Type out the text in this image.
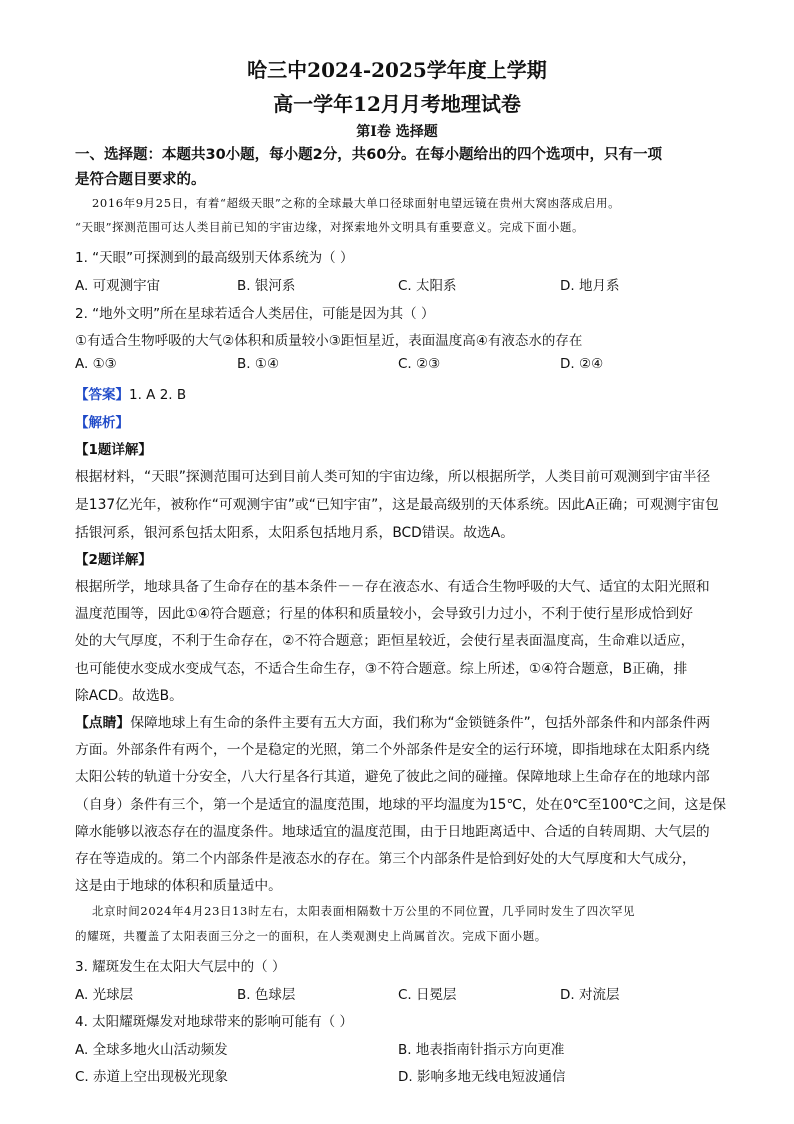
哈三中2024-2025学年度上学期
高一学年12月月考地理试卷
第Ⅰ卷 选择题
一、选择题：本题共30小题，每小题2分，共60分。在每小题给出的四个选项中，只有一项
是符合题目要求的。
2016年9月25日，有着“超级天眼”之称的全球最大单口径球面射电望远镜在贵州大窝凼落成启用。
“天眼”探测范围可达人类目前已知的宇宙边缘，对探索地外文明具有重要意义。完成下面小题。
1. “天眼”可探测到的最高级别天体系统为（ ）
A. 可观测宇宙	B. 银河系	C. 太阳系	D. 地月系
2. “地外文明”所在星球若适合人类居住，可能是因为其（ ）
①有适合生物呼吸的大气②体积和质量较小③距恒星近，表面温度高④有液态水的存在
A. ①③	B. ①④	C. ②③	D. ②④
【答案】1. A 2. B
【解析】
【1题详解】
根据材料，“天眼”探测范围可达到目前人类可知的宇宙边缘，所以根据所学，人类目前可观测到宇宙半径
是137亿光年，被称作“可观测宇宙”或“已知宇宙”，这是最高级别的天体系统。因此A正确；可观测宇宙包
括银河系，银河系包括太阳系，太阳系包括地月系，BCD错误。故选A。
【2题详解】
根据所学，地球具备了生命存在的基本条件－－存在液态水、有适合生物呼吸的大气、适宜的太阳光照和
温度范围等，因此①④符合题意；行星的体积和质量较小，会导致引力过小，不利于使行星形成恰到好
处的大气厚度，不利于生命存在，②不符合题意；距恒星较近，会使行星表面温度高，生命难以适应，
也可能使水变成水变成气态，不适合生命生存，③不符合题意。综上所述，①④符合题意，B正确，排
除ACD。故选B。
【点睛】保障地球上有生命的条件主要有五大方面，我们称为“金锁链条件”，包括外部条件和内部条件两
方面。外部条件有两个，一个是稳定的光照，第二个外部条件是安全的运行环境，即指地球在太阳系内绕
太阳公转的轨道十分安全，八大行星各行其道，避免了彼此之间的碰撞。保障地球上生命存在的地球内部
（自身）条件有三个，第一个是适宜的温度范围，地球的平均温度为15℃，处在0℃至100℃之间，这是保
障水能够以液态存在的温度条件。地球适宜的温度范围，由于日地距离适中、合适的自转周期、大气层的
存在等造成的。第二个内部条件是液态水的存在。第三个内部条件是恰到好处的大气厚度和大气成分，
这是由于地球的体积和质量适中。
北京时间2024年4月23日13时左右，太阳表面相隔数十万公里的不同位置，几乎同时发生了四次罕见
的耀斑，共覆盖了太阳表面三分之一的面积，在人类观测史上尚属首次。完成下面小题。
3. 耀斑发生在太阳大气层中的（ ）
A. 光球层	B. 色球层	C. 日冕层	D. 对流层
4. 太阳耀斑爆发对地球带来的影响可能有（ ）
A. 全球多地火山活动频发	B. 地表指南针指示方向更准
C. 赤道上空出现极光现象	D. 影响多地无线电短波通信
